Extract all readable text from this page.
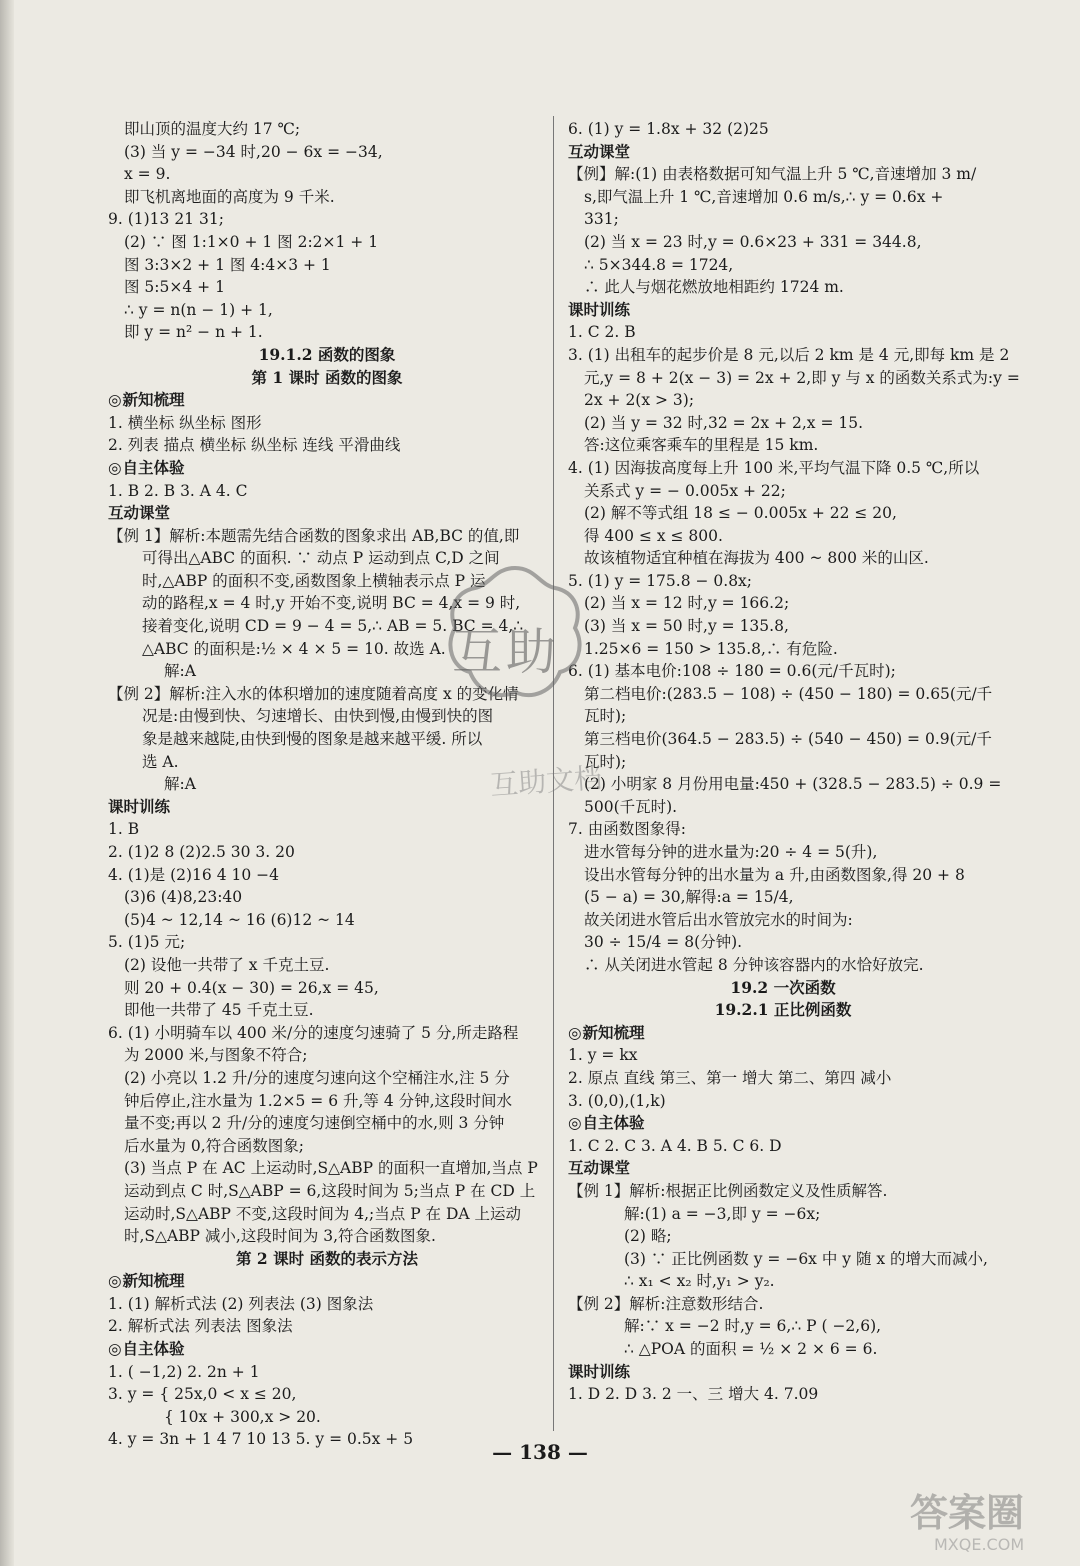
即山顶的温度大约 17 ℃;
(3) 当 y = −34 时,20 − 6x = −34,
x = 9.
即飞机离地面的高度为 9 千米.
9. (1)13 21 31;
(2) ∵ 图 1:1×0 + 1 图 2:2×1 + 1
图 3:3×2 + 1 图 4:4×3 + 1
图 5:5×4 + 1
∴ y = n(n − 1) + 1,
即 y = n² − n + 1.
19.1.2 函数的图象
第 1 课时 函数的图象
◎ 新知梳理
1. 横坐标 纵坐标 图形
2. 列表 描点 横坐标 纵坐标 连线 平滑曲线
◎ 自主体验
1. B 2. B 3. A 4. C
互动课堂
【例 1】解析:本题需先结合函数的图象求出 AB,BC 的值,即
可得出△ABC 的面积. ∵ 动点 P 运动到点 C,D 之间
时,△ABP 的面积不变,函数图象上横轴表示点 P 运
动的路程,x = 4 时,y 开始不变,说明 BC = 4,x = 9 时,
接着变化,说明 CD = 9 − 4 = 5,∴ AB = 5. BC = 4,∴
△ABC 的面积是:½ × 4 × 5 = 10. 故选 A.
解:A
【例 2】解析:注入水的体积增加的速度随着高度 x 的变化情
况是:由慢到快、匀速增长、由快到慢,由慢到快的图
象是越来越陡,由快到慢的图象是越来越平缓. 所以
选 A.
解:A
课时训练
1. B
2. (1)2 8 (2)2.5 30 3. 20
4. (1)是 (2)16 4 10 −4
(3)6 (4)8,23:40
(5)4 ~ 12,14 ~ 16 (6)12 ~ 14
5. (1)5 元;
(2) 设他一共带了 x 千克土豆.
则 20 + 0.4(x − 30) = 26,x = 45,
即他一共带了 45 千克土豆.
6. (1) 小明骑车以 400 米/分的速度匀速骑了 5 分,所走路程
为 2000 米,与图象不符合;
(2) 小亮以 1.2 升/分的速度匀速向这个空桶注水,注 5 分
钟后停止,注水量为 1.2×5 = 6 升,等 4 分钟,这段时间水
量不变;再以 2 升/分的速度匀速倒空桶中的水,则 3 分钟
后水量为 0,符合函数图象;
(3) 当点 P 在 AC 上运动时,S△ABP 的面积一直增加,当点 P
运动到点 C 时,S△ABP = 6,这段时间为 5;当点 P 在 CD 上
运动时,S△ABP 不变,这段时间为 4,;当点 P 在 DA 上运动
时,S△ABP 减小,这段时间为 3,符合函数图象.
第 2 课时 函数的表示方法
◎ 新知梳理
1. (1) 解析式法 (2) 列表法 (3) 图象法
2. 解析式法 列表法 图象法
◎ 自主体验
1. ( −1,2) 2. 2n + 1
3. y = { 25x,0 < x ≤ 20,
{ 10x + 300,x > 20.
4. y = 3n + 1 4 7 10 13 5. y = 0.5x + 5
6. (1) y = 1.8x + 32 (2)25
互动课堂
【例】解:(1) 由表格数据可知气温上升 5 ℃,音速增加 3 m/
s,即气温上升 1 ℃,音速增加 0.6 m/s,∴ y = 0.6x +
331;
(2) 当 x = 23 时,y = 0.6×23 + 331 = 344.8,
∴ 5×344.8 = 1724,
∴ 此人与烟花燃放地相距约 1724 m.
课时训练
1. C 2. B
3. (1) 出租车的起步价是 8 元,以后 2 km 是 4 元,即每 km 是 2
元,y = 8 + 2(x − 3) = 2x + 2,即 y 与 x 的函数关系式为:y =
2x + 2(x > 3);
(2) 当 y = 32 时,32 = 2x + 2,x = 15.
答:这位乘客乘车的里程是 15 km.
4. (1) 因海拔高度每上升 100 米,平均气温下降 0.5 ℃,所以
关系式 y = − 0.005x + 22;
(2) 解不等式组 18 ≤ − 0.005x + 22 ≤ 20,
得 400 ≤ x ≤ 800.
故该植物适宜种植在海拔为 400 ~ 800 米的山区.
5. (1) y = 175.8 − 0.8x;
(2) 当 x = 12 时,y = 166.2;
(3) 当 x = 50 时,y = 135.8,
1.25×6 = 150 > 135.8,∴ 有危险.
6. (1) 基本电价:108 ÷ 180 = 0.6(元/千瓦时);
第二档电价:(283.5 − 108) ÷ (450 − 180) = 0.65(元/千
瓦时);
第三档电价(364.5 − 283.5) ÷ (540 − 450) = 0.9(元/千
瓦时);
(2) 小明家 8 月份用电量:450 + (328.5 − 283.5) ÷ 0.9 =
500(千瓦时).
7. 由函数图象得:
进水管每分钟的进水量为:20 ÷ 4 = 5(升),
设出水管每分钟的出水量为 a 升,由函数图象,得 20 + 8
(5 − a) = 30,解得:a = 15/4,
故关闭进水管后出水管放完水的时间为:
30 ÷ 15/4 = 8(分钟).
∴ 从关闭进水管起 8 分钟该容器内的水恰好放完.
19.2 一次函数
19.2.1 正比例函数
◎ 新知梳理
1. y = kx
2. 原点 直线 第三、第一 增大 第二、第四 减小
3. (0,0),(1,k)
◎ 自主体验
1. C 2. C 3. A 4. B 5. C 6. D
互动课堂
【例 1】解析:根据正比例函数定义及性质解答.
解:(1) a = −3,即 y = −6x;
(2) 略;
(3) ∵ 正比例函数 y = −6x 中 y 随 x 的增大而减小,
∴ x₁ < x₂ 时,y₁ > y₂.
【例 2】解析:注意数形结合.
解:∵ x = −2 时,y = 6,∴ P ( −2,6),
∴ △POA 的面积 = ½ × 2 × 6 = 6.
课时训练
1. D 2. D 3. 2 一、三 增大 4. 7.09
互助
互助文档
— 138 —
答案圈
MXQE.COM
